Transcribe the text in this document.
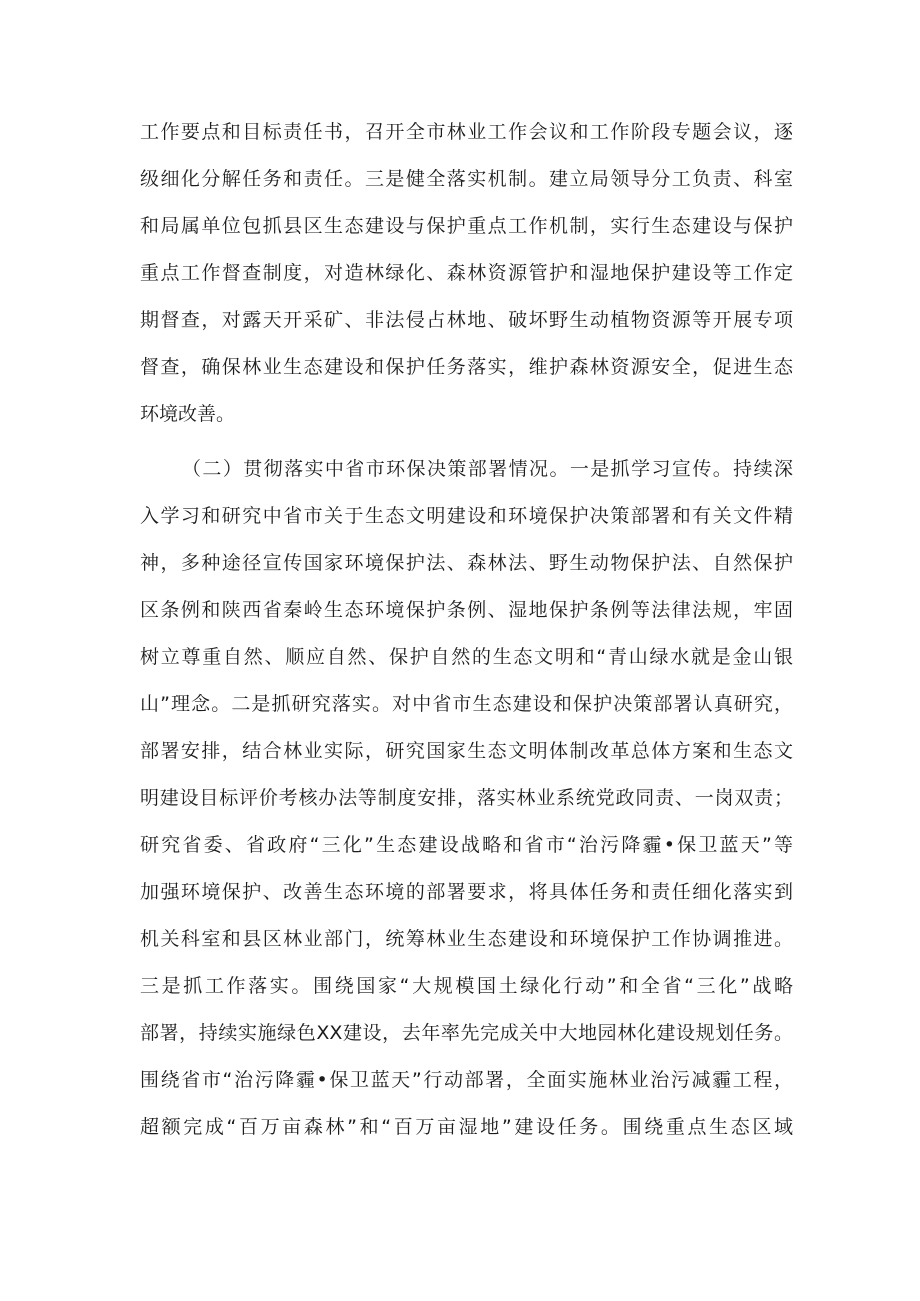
工作要点和目标责任书，召开全市林业工作会议和工作阶段专题会议，逐
级细化分解任务和责任。三是健全落实机制。建立局领导分工负责、科室
和局属单位包抓县区生态建设与保护重点工作机制，实行生态建设与保护
重点工作督查制度，对造林绿化、森林资源管护和湿地保护建设等工作定
期督查，对露天开采矿、非法侵占林地、破坏野生动植物资源等开展专项
督查，确保林业生态建设和保护任务落实，维护森林资源安全，促进生态
环境改善。
（二）贯彻落实中省市环保决策部署情况。一是抓学习宣传。持续深
入学习和研究中省市关于生态文明建设和环境保护决策部署和有关文件精
神，多种途径宣传国家环境保护法、森林法、野生动物保护法、自然保护
区条例和陕西省秦岭生态环境保护条例、湿地保护条例等法律法规，牢固
树立尊重自然、顺应自然、保护自然的生态文明和“青山绿水就是金山银
山”理念。二是抓研究落实。对中省市生态建设和保护决策部署认真研究，
部署安排，结合林业实际，研究国家生态文明体制改革总体方案和生态文
明建设目标评价考核办法等制度安排，落实林业系统党政同责、一岗双责；
研究省委、省政府“三化”生态建设战略和省市“治污降霾•保卫蓝天”等
加强环境保护、改善生态环境的部署要求，将具体任务和责任细化落实到
机关科室和县区林业部门，统筹林业生态建设和环境保护工作协调推进。
三是抓工作落实。围绕国家“大规模国土绿化行动”和全省“三化”战略
部署，持续实施绿色XX建设，去年率先完成关中大地园林化建设规划任务。
围绕省市“治污降霾•保卫蓝天”行动部署，全面实施林业治污减霾工程，
超额完成“百万亩森林”和“百万亩湿地”建设任务。围绕重点生态区域
